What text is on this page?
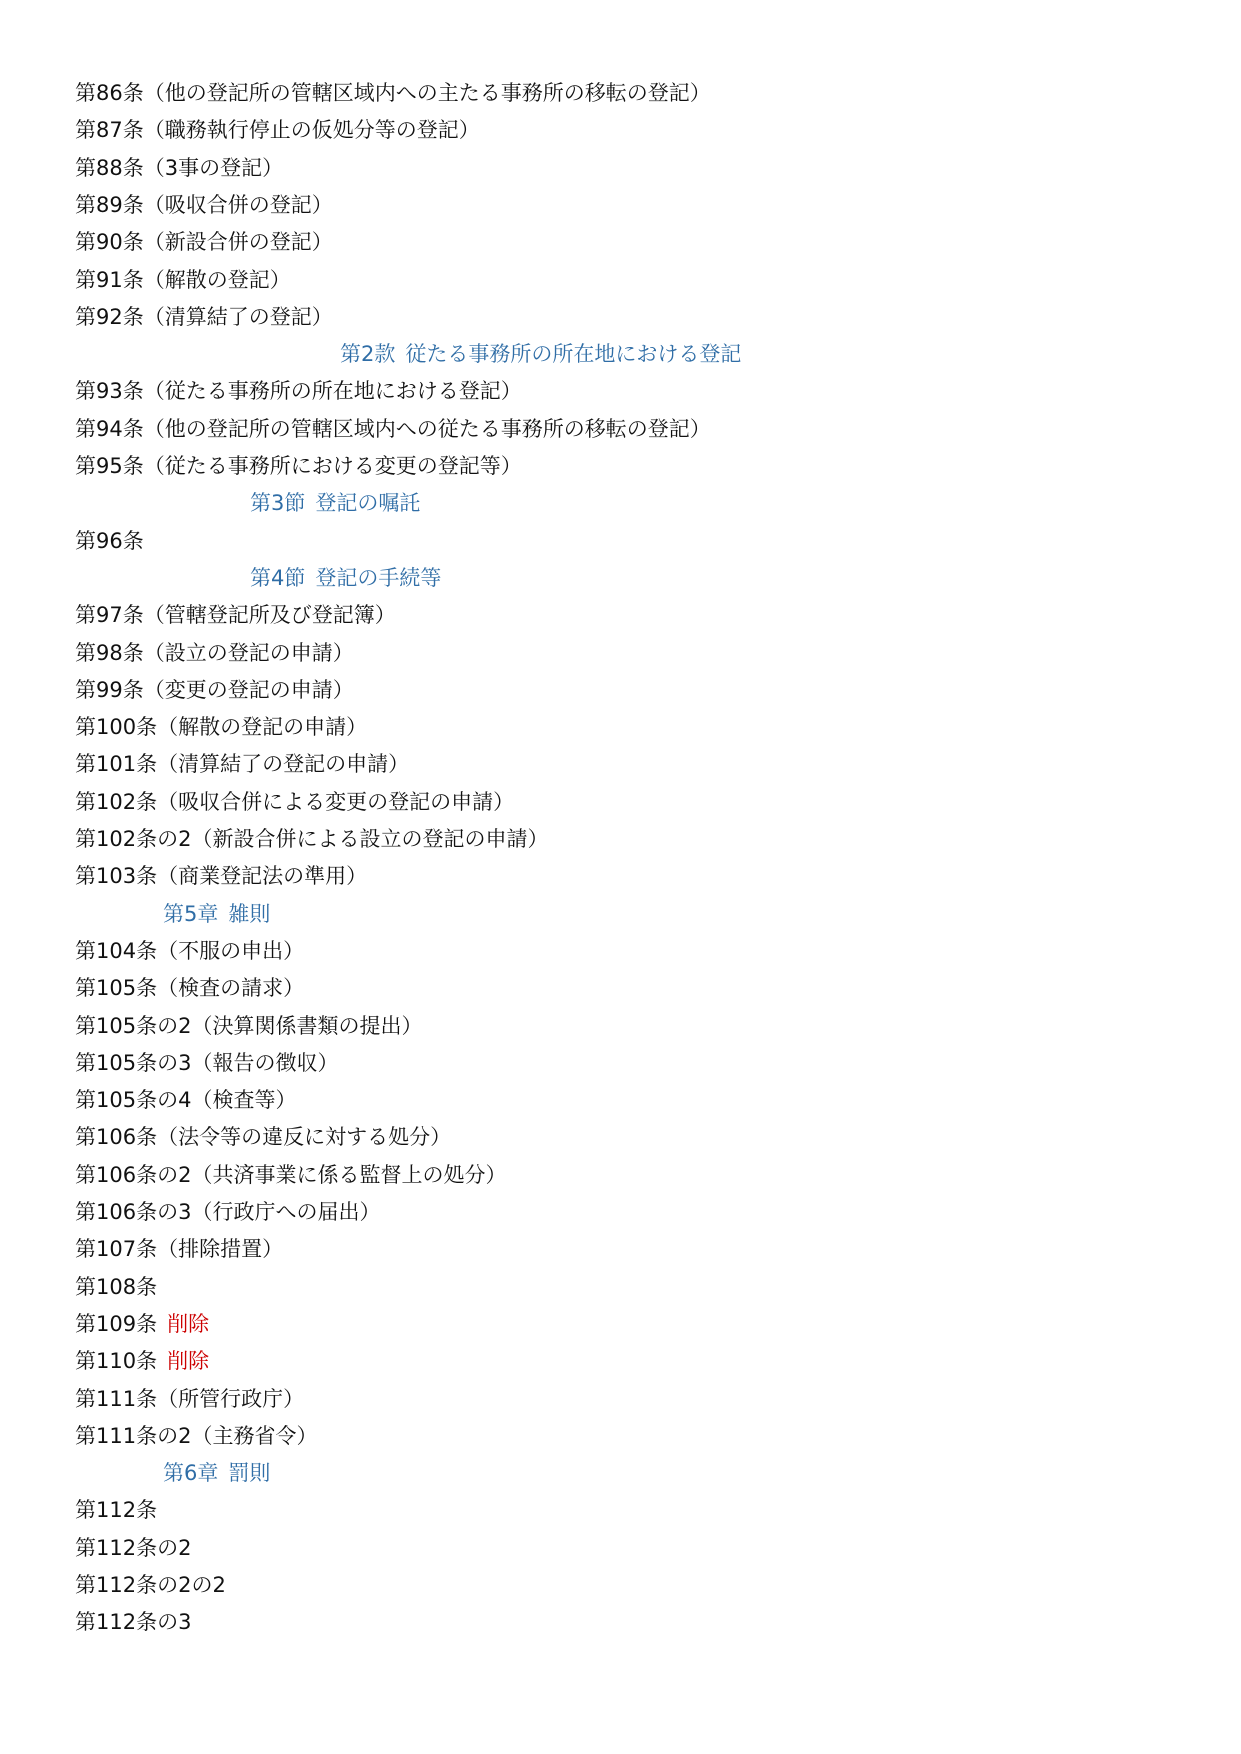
第86条（他の登記所の管轄区域内への主たる事務所の移転の登記）
第87条（職務執行停止の仮処分等の登記）
第88条（3事の登記）
第89条（吸収合併の登記）
第90条（新設合併の登記）
第91条（解散の登記）
第92条（清算結了の登記）
第2款 従たる事務所の所在地における登記
第93条（従たる事務所の所在地における登記）
第94条（他の登記所の管轄区域内への従たる事務所の移転の登記）
第95条（従たる事務所における変更の登記等）
第3節 登記の嘱託
第96条
第4節 登記の手続等
第97条（管轄登記所及び登記簿）
第98条（設立の登記の申請）
第99条（変更の登記の申請）
第100条（解散の登記の申請）
第101条（清算結了の登記の申請）
第102条（吸収合併による変更の登記の申請）
第102条の2（新設合併による設立の登記の申請）
第103条（商業登記法の準用）
第5章 雑則
第104条（不服の申出）
第105条（検査の請求）
第105条の2（決算関係書類の提出）
第105条の3（報告の徴収）
第105条の4（検査等）
第106条（法令等の違反に対する処分）
第106条の2（共済事業に係る監督上の処分）
第106条の3（行政庁への届出）
第107条（排除措置）
第108条
第109条 削除
第110条 削除
第111条（所管行政庁）
第111条の2（主務省令）
第6章 罰則
第112条
第112条の2
第112条の2の2
第112条の3
